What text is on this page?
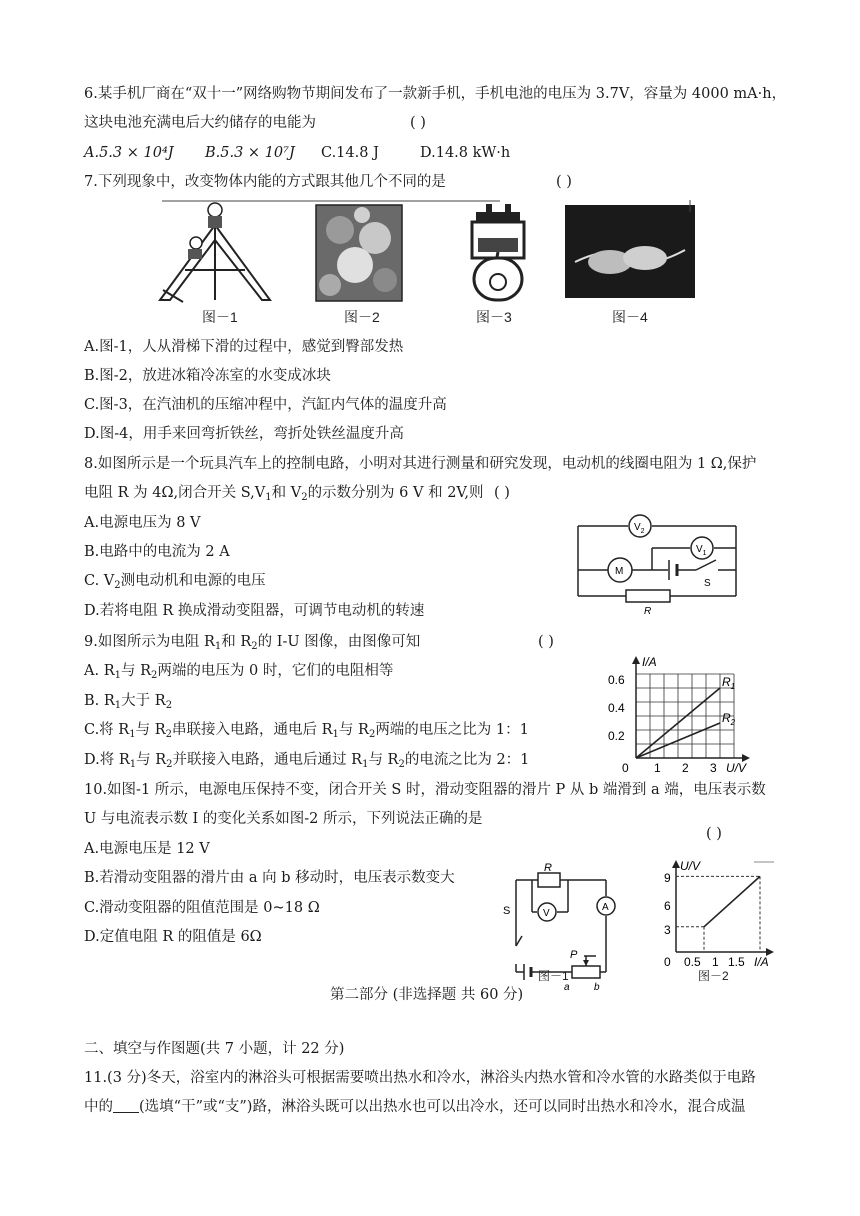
6.某手机厂商在“双十一”网络购物节期间发布了一款新手机，手机电池的电压为 3.7V，容量为 4000 mA·h，
这块电池充满电后大约储存的电能为	( )
A.5.3 × 10⁴J B.5.3 × 10⁷J C.14.8 J	D.14.8 kW·h
7.下列现象中，改变物体内能的方式跟其他几个不同的是	( )
图－1	图－2	图－3	图－4
A.图-1，人从滑梯下滑的过程中，感觉到臀部发热
B.图-2，放进冰箱冷冻室的水变成冰块
C.图-3，在汽油机的压缩冲程中，汽缸内气体的温度升高
D.图-4，用手来回弯折铁丝，弯折处铁丝温度升高
8.如图所示是一个玩具汽车上的控制电路，小明对其进行测量和研究发现，电动机的线圈电阻为 1 Ω,保护
电阻 R 为 4Ω,闭合开关 $S,V_1$和 $V_2$的示数分别为 6 V 和 2V,则 ( )
A.电源电压为 8 V
B.电路中的电流为 2 A
C. $V_2$测电动机和电源的电压
D.若将电阻 R 换成滑动变阻器，可调节电动机的转速
$V_2$
$V_1$
M
S
R
9.如图所示为电阻 $R_1$和 $R_2$的 I-U 图像，由图像可知	( )
A. $R_1$与 $R_2$两端的电压为 0 时，它们的电阻相等
B. $R_1$大于 $R_2$
C.将 $R_1$与 $R_2$串联接入电路，通电后 $R_1$与 $R_2$两端的电压之比为 1：1
D.将 $R_1$与 $R_2$并联接入电路，通电后通过 $R_1$与 $R_2$的电流之比为 2：1
I/A
U/V
0
0.6
0.4
0.2
1 2 3
$R_1$
$R_2$
10.如图-1 所示，电源电压保持不变，闭合开关 S 时，滑动变阻器的滑片 P 从 b 端滑到 a 端，电压表示数
U 与电流表示数 I 的变化关系如图-2 所示，下列说法正确的是
( )
A.电源电压是 12 V
B.若滑动变阻器的滑片由 a 向 b 移动时，电压表示数变大
C.滑动变阻器的阻值范围是 0~18 Ω
D.定值电阻 R 的阻值是 6Ω
R
V
A
S
P
a b
图－1
U/V
I/A
0
9
6
3
0.5 1 1.5
图－2
第二部分 (非选择题 共 60 分)
二、填空与作图题(共 7 小题，计 22 分)
11.(3 分)冬天，浴室内的淋浴头可根据需要喷出热水和冷水，淋浴头内热水管和冷水管的水路类似于电路
中的 (选填“干”或“支”)路，淋浴头既可以出热水也可以出冷水，还可以同时出热水和冷水，混合成温
